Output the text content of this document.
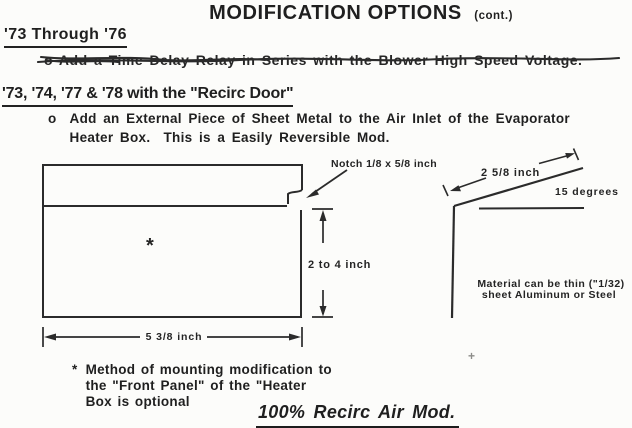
MODIFICATION OPTIONS (cont.)
'73 Through '76
o Add a Time Delay Relay in Series with the Blower High Speed Voltage.
'73, '74, '77 & '78 with the "Recirc Door"
o Add an External Piece of Sheet Metal to the Air Inlet of the Evaporator
Heater Box.  This is a Easily Reversible Mod.
* Method of mounting modification to
the "Front Panel" of the "Heater
Box is optional
100% Recirc Air Mod.
*
Notch 1/8 x 5/8 inch
2 to 4 inch
5 3/8 inch
2 5/8 inch
15 degrees
Material can be thin ("1/32)
sheet Aluminum or Steel
+
